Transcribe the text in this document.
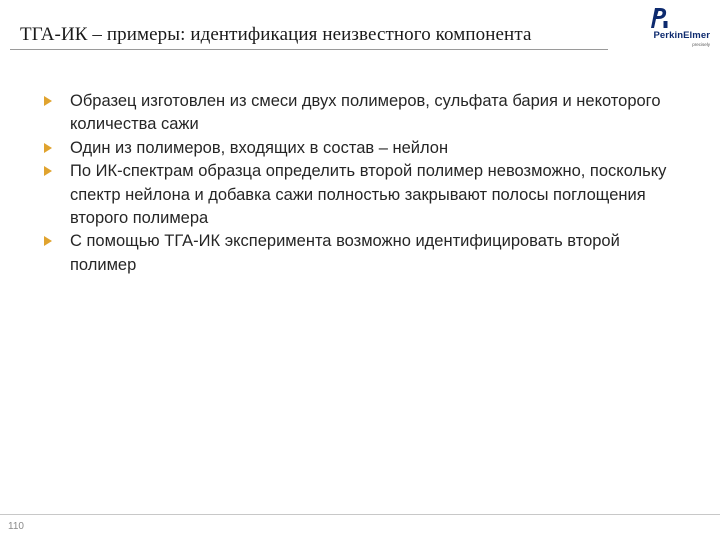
ТГА-ИК – примеры: идентификация неизвестного компонента	PerkinElmer
precisely
Образец изготовлен из смеси двух полимеров, сульфата бария и некоторого количества сажи
Один из полимеров, входящих в состав – нейлон
По ИК-спектрам образца определить второй полимер невозможно, поскольку спектр нейлона и добавка сажи полностью закрывают полосы поглощения второго полимера
С помощью ТГА-ИК эксперимента возможно идентифицировать второй полимер
110
